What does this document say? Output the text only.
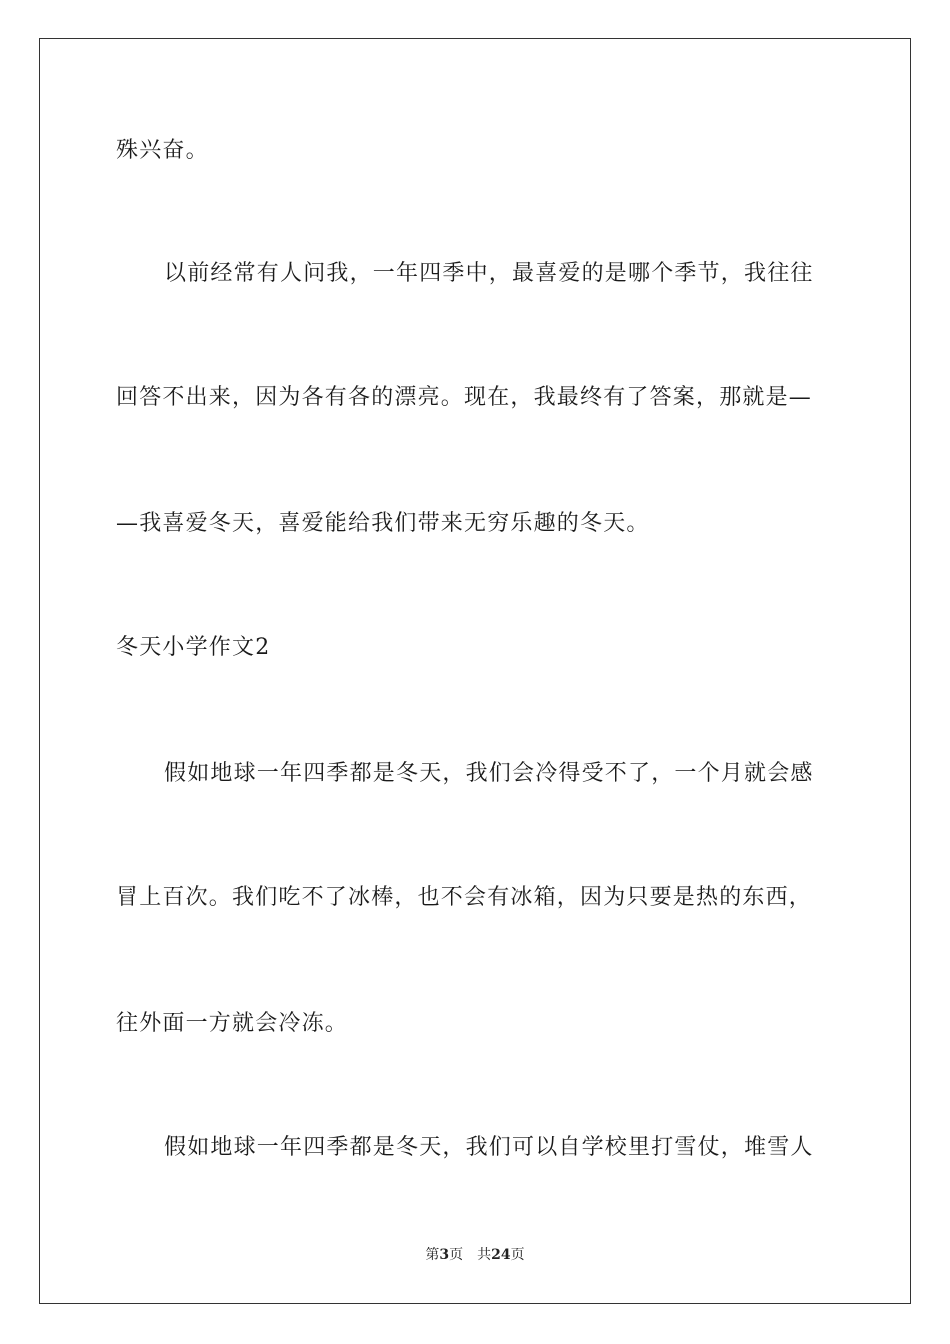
殊兴奋。
以前经常有人问我，一年四季中，最喜爱的是哪个季节，我往往
回答不出来，因为各有各的漂亮。现在，我最终有了答案，那就是—
—我喜爱冬天，喜爱能给我们带来无穷乐趣的冬天。
冬天小学作文2
假如地球一年四季都是冬天，我们会冷得受不了，一个月就会感
冒上百次。我们吃不了冰棒，也不会有冰箱，因为只要是热的东西，
往外面一方就会冷冻。
假如地球一年四季都是冬天，我们可以自学校里打雪仗，堆雪人
第3页 共24页
